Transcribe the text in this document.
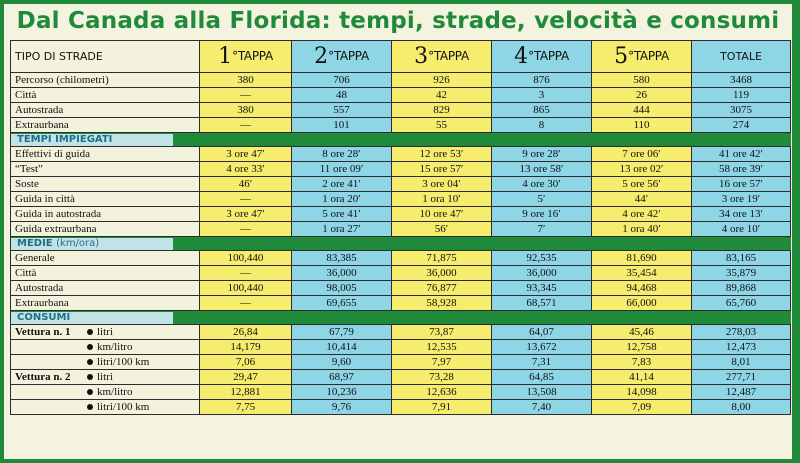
Dal Canada alla Florida: tempi, strade, velocità e consumi
TIPO DI STRADE	1°TAPPA	2°TAPPA	3°TAPPA	4°TAPPA	5°TAPPA	TOTALE
Percorso (chilometri)	380	706	926	876	580	3468
Città	—	48	42	3	26	119
Autostrada	380	557	829	865	444	3075
Extraurbana	—	101	55	8	110	274
TEMPI IMPIEGATI						
Effettivi di guida	3 ore 47′	8 ore 28′	12 ore 53′	9 ore 28′	7 ore 06′	41 ore 42′
“Test”	4 ore 33′	11 ore 09′	15 ore 57′	13 ore 58′	13 ore 02′	58 ore 39′
Soste	46′	2 ore 41′	3 ore 04′	4 ore 30′	5 ore 56′	16 ore 57′
Guida in città	—	1 ora 20′	1 ora 10′	5′	44′	3 ore 19′
Guida in autostrada	3 ore 47′	5 ore 41′	10 ore 47′	9 ore 16′	4 ore 42′	34 ore 13′
Guida extraurbana	—	1 ora 27′	56′	7′	1 ora 40′	4 ore 10′
MEDIE (km/ora)						
Generale	100,440	83,385	71,875	92,535	81,690	83,165
Città	—	36,000	36,000	36,000	35,454	35,879
Autostrada	100,440	98,005	76,877	93,345	94,468	89,868
Extraurbana	—	69,655	58,928	68,571	66,000	65,760
CONSUMI						
Vettura n. 1 litri	26,84	67,79	73,87	64,07	45,46	278,03
km/litro	14,179	10,414	12,535	13,672	12,758	12,473
litri/100 km	7,06	9,60	7,97	7,31	7,83	8,01
Vettura n. 2 litri	29,47	68,97	73,28	64,85	41,14	277,71
km/litro	12,881	10,236	12,636	13,508	14,098	12,487
litri/100 km	7,75	9,76	7,91	7,40	7,09	8,00
